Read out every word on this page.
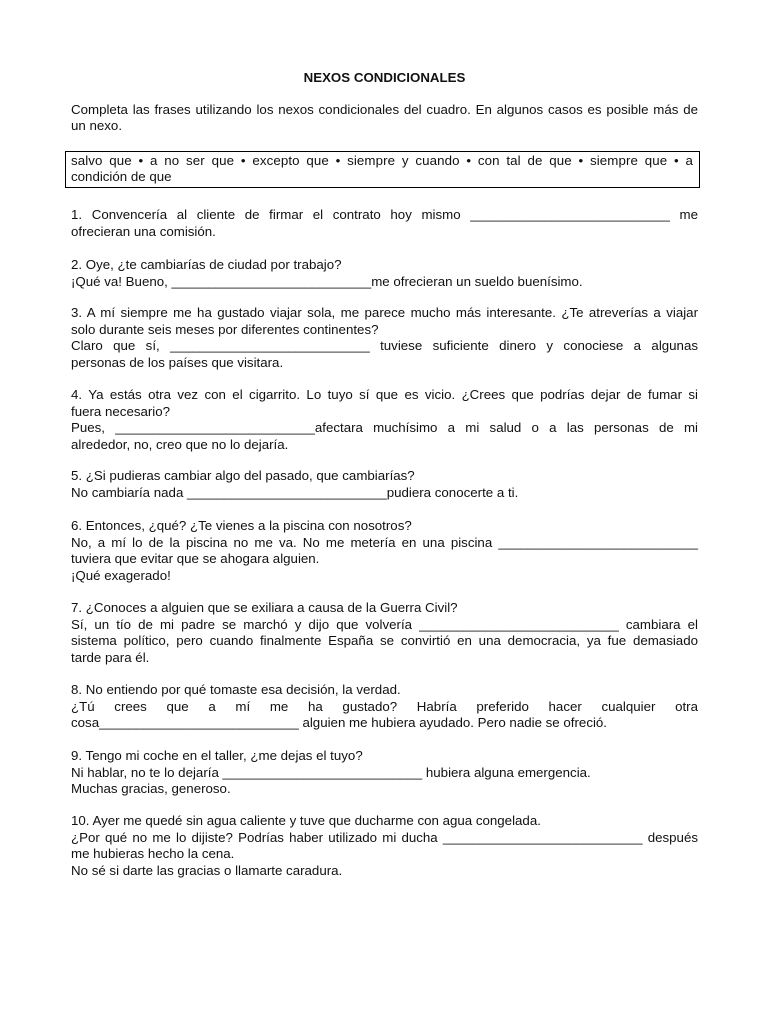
NEXOS CONDICIONALES
Completa las frases utilizando los nexos condicionales del cuadro. En algunos casos es posible más de un nexo.
salvo que • a no ser que • excepto que • siempre y cuando • con tal de que • siempre que • a
condición de que

1. Convencería al cliente de firmar el contrato hoy mismo ___________________________ me

ofrecieran una comisión.

2. Oye, ¿te cambiarías de ciudad por trabajo?

¡Qué va! Bueno, ___________________________me ofrecieran un sueldo buenísimo.

3. A mí siempre me ha gustado viajar sola, me parece mucho más interesante. ¿Te atreverías a viajar

solo durante seis meses por diferentes continentes?

Claro que sí, ___________________________ tuviese suficiente dinero y conociese a algunas

personas de los países que visitara.

4. Ya estás otra vez con el cigarrito. Lo tuyo sí que es vicio. ¿Crees que podrías dejar de fumar si

fuera necesario?

Pues, ___________________________afectara muchísimo a mi salud o a las personas de mi

alrededor, no, creo que no lo dejaría.

5. ¿Si pudieras cambiar algo del pasado, que cambiarías?

No cambiaría nada ___________________________pudiera conocerte a ti.

6. Entonces, ¿qué? ¿Te vienes a la piscina con nosotros?

No, a mí lo de la piscina no me va. No me metería en una piscina ___________________________

tuviera que evitar que se ahogara alguien.

¡Qué exagerado!

7. ¿Conoces a alguien que se exiliara a causa de la Guerra Civil?

Sí, un tío de mi padre se marchó y dijo que volvería ___________________________ cambiara el

sistema político, pero cuando finalmente España se convirtió en una democracia, ya fue demasiado

tarde para él.

8. No entiendo por qué tomaste esa decisión, la verdad.

¿Tú crees que a mí me ha gustado? Habría preferido hacer cualquier otra

cosa___________________________ alguien me hubiera ayudado. Pero nadie se ofreció.

9. Tengo mi coche en el taller, ¿me dejas el tuyo?

Ni hablar, no te lo dejaría ___________________________ hubiera alguna emergencia.

Muchas gracias, generoso.

10. Ayer me quedé sin agua caliente y tuve que ducharme con agua congelada.

¿Por qué no me lo dijiste? Podrías haber utilizado mi ducha ___________________________ después

me hubieras hecho la cena.

No sé si darte las gracias o llamarte caradura.
